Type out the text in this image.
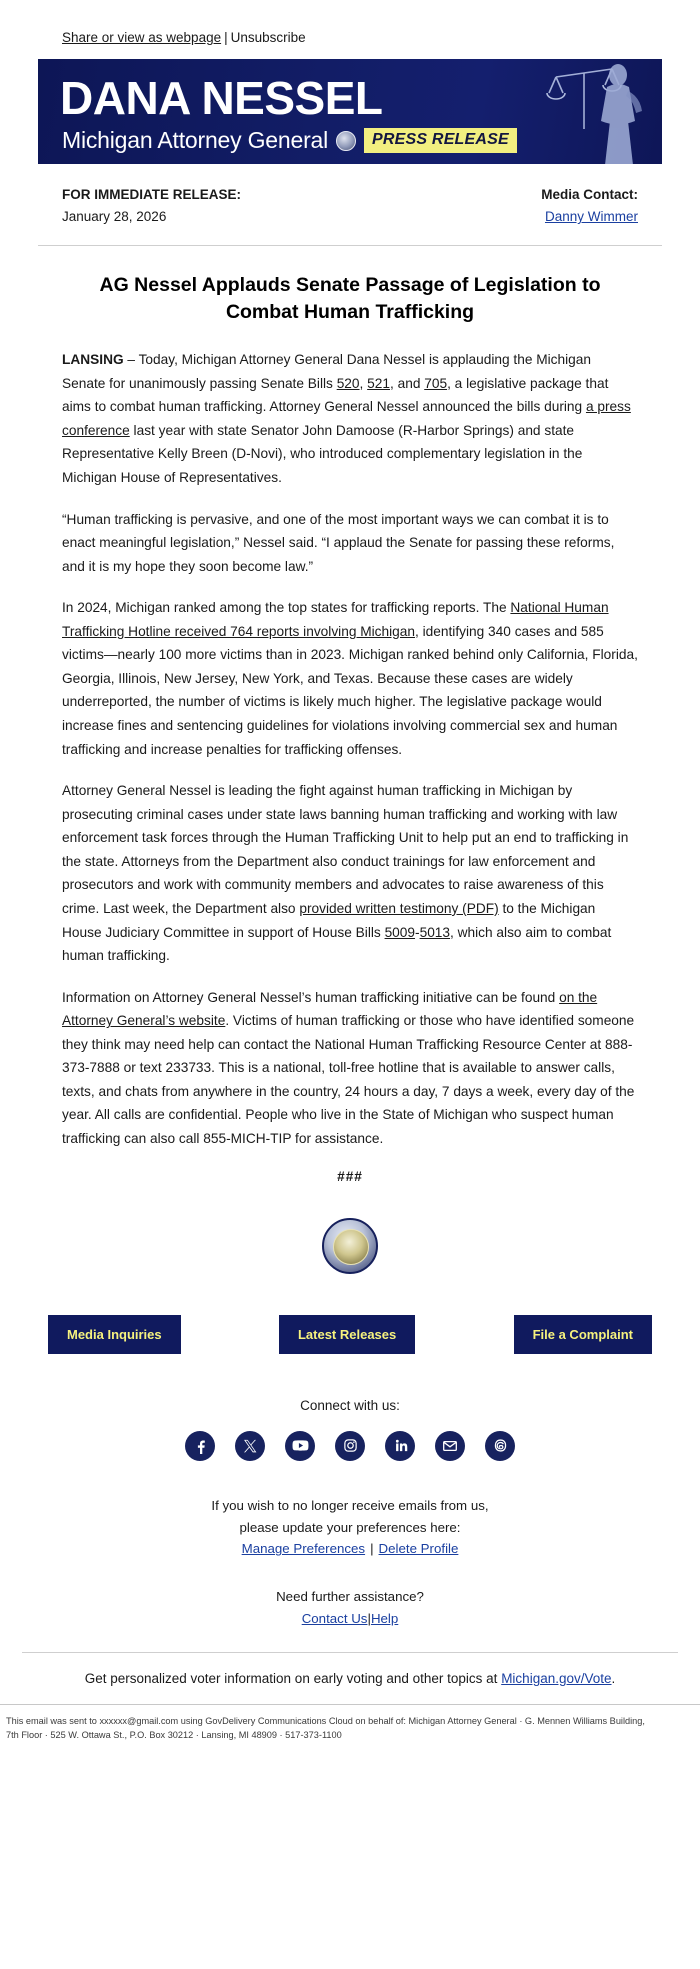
Share or view as webpage | Unsubscribe
DANA NESSEL
Michigan Attorney General	PRESS RELEASE
FOR IMMEDIATE RELEASE:
January 28, 2026
Media Contact:
Danny Wimmer
AG Nessel Applauds Senate Passage of Legislation to Combat Human Trafficking

LANSING – Today, Michigan Attorney General Dana Nessel is applauding the Michigan Senate for unanimously passing Senate Bills 520, 521, and 705, a legislative package that aims to combat human trafficking. Attorney General Nessel announced the bills during a press conference last year with state Senator John Damoose (R-Harbor Springs) and state Representative Kelly Breen (D-Novi), who introduced complementary legislation in the Michigan House of Representatives.

“Human trafficking is pervasive, and one of the most important ways we can combat it is to enact meaningful legislation,” Nessel said. “I applaud the Senate for passing these reforms, and it is my hope they soon become law.”

In 2024, Michigan ranked among the top states for trafficking reports. The National Human Trafficking Hotline received 764 reports involving Michigan, identifying 340 cases and 585 victims—nearly 100 more victims than in 2023. Michigan ranked behind only California, Florida, Georgia, Illinois, New Jersey, New York, and Texas. Because these cases are widely underreported, the number of victims is likely much higher. The legislative package would increase fines and sentencing guidelines for violations involving commercial sex and human trafficking and increase penalties for trafficking offenses.

Attorney General Nessel is leading the fight against human trafficking in Michigan by prosecuting criminal cases under state laws banning human trafficking and working with law enforcement task forces through the Human Trafficking Unit to help put an end to trafficking in the state. Attorneys from the Department also conduct trainings for law enforcement and prosecutors and work with community members and advocates to raise awareness of this crime. Last week, the Department also provided written testimony (PDF) to the Michigan House Judiciary Committee in support of House Bills 5009-5013, which also aim to combat human trafficking.

Information on Attorney General Nessel’s human trafficking initiative can be found on the Attorney General’s website. Victims of human trafficking or those who have identified someone they think may need help can contact the National Human Trafficking Resource Center at 888-373-7888 or text 233733. This is a national, toll-free hotline that is available to answer calls, texts, and chats from anywhere in the country, 24 hours a day, 7 days a week, every day of the year. All calls are confidential. People who live in the State of Michigan who suspect human trafficking can also call 855-MICH-TIP for assistance.

###
Media Inquiries	Latest Releases	File a Complaint
Connect with us:
If you wish to no longer receive emails from us,
please update your preferences here:
Manage Preferences | Delete Profile
Need further assistance?
Contact Us|Help
Get personalized voter information on early voting and other topics at Michigan.gov/Vote.
This email was sent to xxxxxx@gmail.com using GovDelivery Communications Cloud on behalf of: Michigan Attorney General · G. Mennen Williams Building,
7th Floor · 525 W. Ottawa St., P.O. Box 30212 · Lansing, MI 48909 · 517-373-1100
